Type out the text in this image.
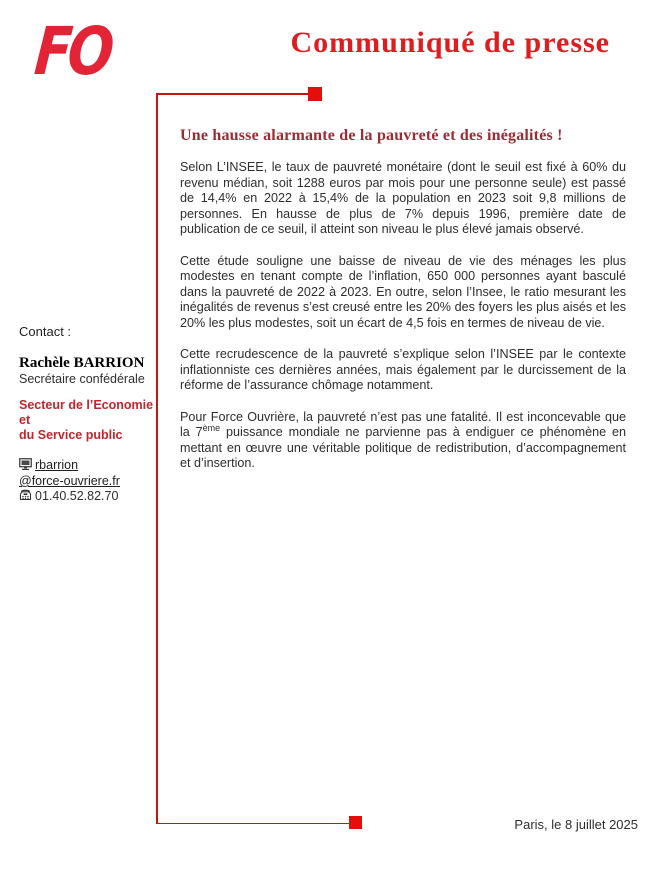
FO	Communiqué de presse
Une hausse alarmante de la pauvreté et des inégalités !

Selon L’INSEE, le taux de pauvreté monétaire (dont le seuil est fixé à 60% du revenu médian, soit 1288 euros par mois pour une personne seule) est passé de 14,4% en 2022 à 15,4% de la population en 2023 soit 9,8 millions de personnes. En hausse de plus de 7% depuis 1996, première date de publication de ce seuil, il atteint son niveau le plus élevé jamais observé.

Cette étude souligne une baisse de niveau de vie des ménages les plus modestes en tenant compte de l’inflation, 650 000 personnes ayant basculé dans la pauvreté de 2022 à 2023. En outre, selon l’Insee, le ratio mesurant les inégalités de revenus s’est creusé entre les 20% des foyers les plus aisés et les 20% les plus modestes, soit un écart de 4,5 fois en termes de niveau de vie.

Cette recrudescence de la pauvreté s’explique selon l’INSEE par le contexte inflationniste ces dernières années, mais également par le durcissement de la réforme de l’assurance chômage notamment.

Pour Force Ouvrière, la pauvreté n’est pas une fatalité. Il est inconcevable que la 7ème puissance mondiale ne parvienne pas à endiguer ce phénomène en mettant en œuvre une véritable politique de redistribution, d’accompagnement et d’insertion.

Contact :
Rachèle BARRION
Secrétaire confédérale
Secteur de l’Economie et
du Service public
rbarrion
@force-ouvriere.fr
01.40.52.82.70
Paris, le 8 juillet 2025
